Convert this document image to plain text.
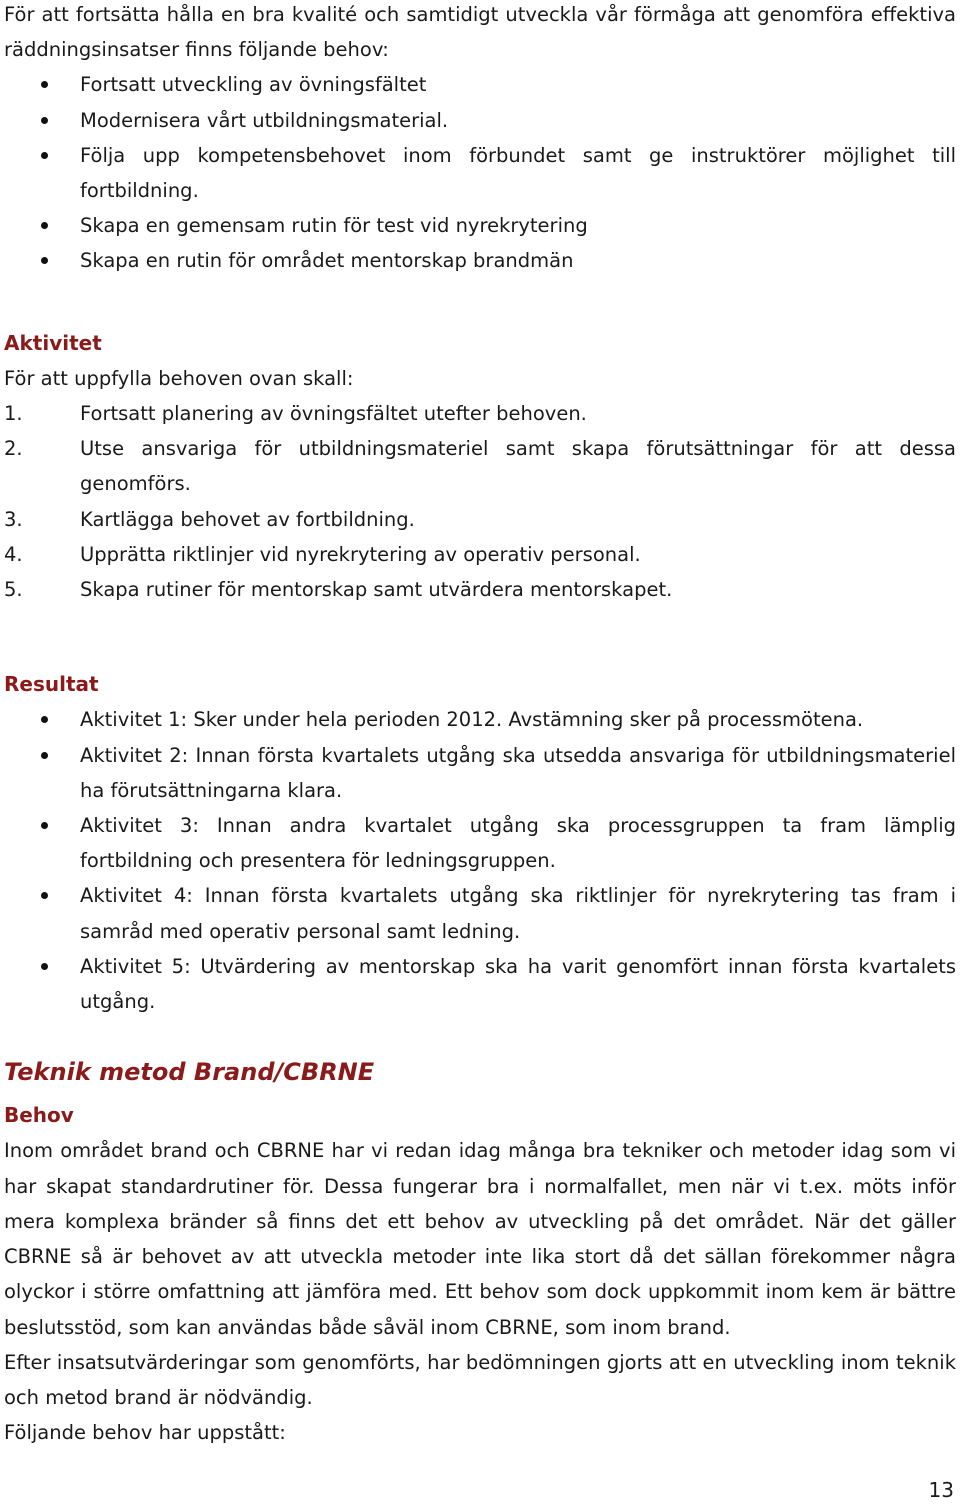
För att fortsätta hålla en bra kvalité och samtidigt utveckla vår förmåga att genomföra effektiva räddningsinsatser finns följande behov:

Fortsatt utveckling av övningsfältet
Modernisera vårt utbildningsmaterial.
Följa upp kompetensbehovet inom förbundet samt ge instruktörer möjlighet till fortbildning.
Skapa en gemensam rutin för test vid nyrekrytering
Skapa en rutin för området mentorskap brandmän
Aktivitet

För att uppfylla behoven ovan skall:

1.	Fortsatt planering av övningsfältet utefter behoven.
2.	Utse ansvariga för utbildningsmateriel samt skapa förutsättningar för att dessa genomförs.
3.	Kartlägga behovet av fortbildning.
4.	Upprätta riktlinjer vid nyrekrytering av operativ personal.
5.	Skapa rutiner för mentorskap samt utvärdera mentorskapet.
Resultat
Aktivitet 1: Sker under hela perioden 2012. Avstämning sker på processmötena.
Aktivitet 2: Innan första kvartalets utgång ska utsedda ansvariga för utbildningsmateriel ha förutsättningarna klara.
Aktivitet 3: Innan andra kvartalet utgång ska processgruppen ta fram lämplig fortbildning och presentera för ledningsgruppen.
Aktivitet 4: Innan första kvartalets utgång ska riktlinjer för nyrekrytering tas fram i samråd med operativ personal samt ledning.
Aktivitet 5: Utvärdering av mentorskap ska ha varit genomfört innan första kvartalets utgång.
Teknik metod Brand/CBRNE
Behov

Inom området brand och CBRNE har vi redan idag många bra tekniker och metoder idag som vi har skapat standardrutiner för. Dessa fungerar bra i normalfallet, men när vi t.ex. möts inför mera komplexa bränder så finns det ett behov av utveckling på det området. När det gäller CBRNE så är behovet av att utveckla metoder inte lika stort då det sällan förekommer några olyckor i större omfattning att jämföra med. Ett behov som dock uppkommit inom kem är bättre beslutsstöd, som kan användas både såväl inom CBRNE, som inom brand.

Efter insatsutvärderingar som genomförts, har bedömningen gjorts att en utveckling inom teknik och metod brand är nödvändig.

Följande behov har uppstått:

13
